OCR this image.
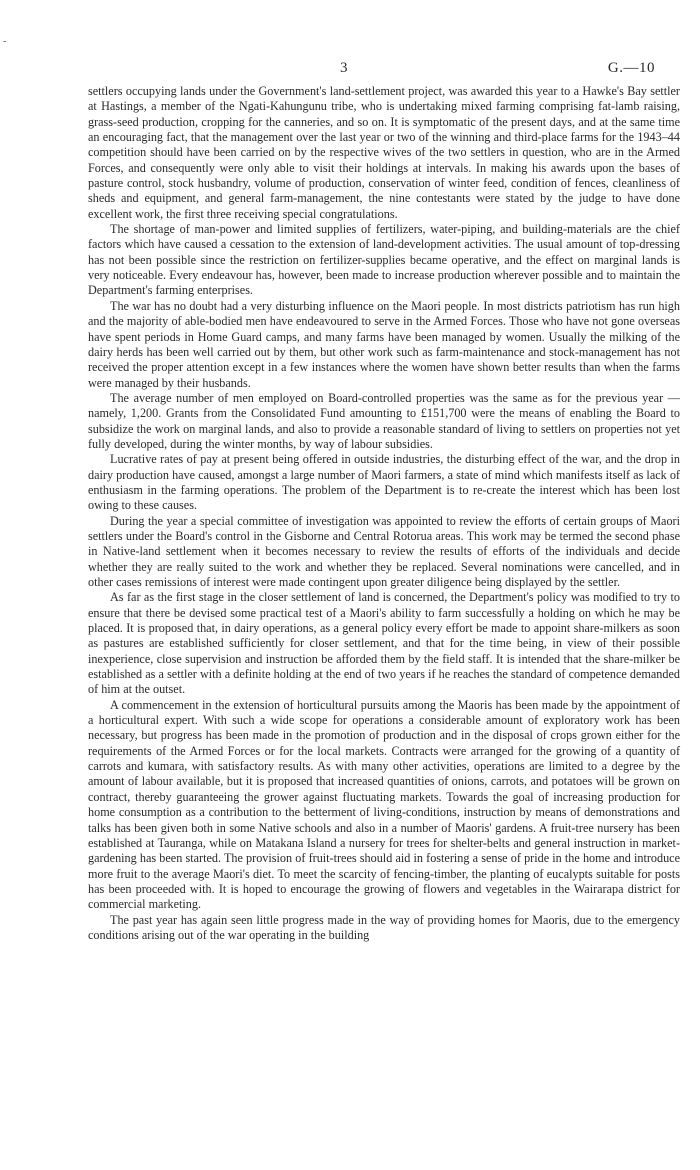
-
3	G.—10

settlers occupying lands under the Government's land-settlement project, was awarded this year to a Hawke's Bay settler at Hastings, a member of the Ngati-Kahungunu tribe, who is undertaking mixed farming comprising fat-lamb raising, grass-seed production, cropping for the canneries, and so on. It is symptomatic of the present days, and at the same time an encouraging fact, that the management over the last year or two of the winning and third-place farms for the 1943–44 competition should have been carried on by the respective wives of the two settlers in question, who are in the Armed Forces, and consequently were only able to visit their holdings at intervals. In making his awards upon the bases of pasture control, stock husbandry, volume of production, conservation of winter feed, condition of fences, cleanliness of sheds and equipment, and general farm-management, the nine contestants were stated by the judge to have done excellent work, the first three receiving special congratulations.

The shortage of man-power and limited supplies of fertilizers, water-piping, and building-materials are the chief factors which have caused a cessation to the extension of land-development activities. The usual amount of top-dressing has not been possible since the restriction on fertilizer-supplies became operative, and the effect on marginal lands is very noticeable. Every endeavour has, however, been made to increase production wherever possible and to maintain the Department's farming enterprises.

The war has no doubt had a very disturbing influence on the Maori people. In most districts patriotism has run high and the majority of able-bodied men have endeavoured to serve in the Armed Forces. Those who have not gone overseas have spent periods in Home Guard camps, and many farms have been managed by women. Usually the milking of the dairy herds has been well carried out by them, but other work such as farm-maintenance and stock-management has not received the proper attention except in a few instances where the women have shown better results than when the farms were managed by their husbands.

The average number of men employed on Board-controlled properties was the same as for the previous year — namely, 1,200. Grants from the Consolidated Fund amounting to £151,700 were the means of enabling the Board to subsidize the work on marginal lands, and also to provide a reasonable standard of living to settlers on properties not yet fully developed, during the winter months, by way of labour subsidies.

Lucrative rates of pay at present being offered in outside industries, the disturbing effect of the war, and the drop in dairy production have caused, amongst a large number of Maori farmers, a state of mind which manifests itself as lack of enthusiasm in the farming operations. The problem of the Department is to re-create the interest which has been lost owing to these causes.

During the year a special committee of investigation was appointed to review the efforts of certain groups of Maori settlers under the Board's control in the Gisborne and Central Rotorua areas. This work may be termed the second phase in Native-land settlement when it becomes necessary to review the results of efforts of the individuals and decide whether they are really suited to the work and whether they be replaced. Several nominations were cancelled, and in other cases remissions of interest were made contingent upon greater diligence being displayed by the settler.

As far as the first stage in the closer settlement of land is concerned, the Department's policy was modified to try to ensure that there be devised some practical test of a Maori's ability to farm successfully a holding on which he may be placed. It is proposed that, in dairy operations, as a general policy every effort be made to appoint share-milkers as soon as pastures are established sufficiently for closer settlement, and that for the time being, in view of their possible inexperience, close supervision and instruction be afforded them by the field staff. It is intended that the share-milker be established as a settler with a definite holding at the end of two years if he reaches the standard of competence demanded of him at the outset.

A commencement in the extension of horticultural pursuits among the Maoris has been made by the appointment of a horticultural expert. With such a wide scope for operations a considerable amount of exploratory work has been necessary, but progress has been made in the promotion of production and in the disposal of crops grown either for the requirements of the Armed Forces or for the local markets. Contracts were arranged for the growing of a quantity of carrots and kumara, with satisfactory results. As with many other activities, operations are limited to a degree by the amount of labour available, but it is proposed that increased quantities of onions, carrots, and potatoes will be grown on contract, thereby guaranteeing the grower against fluctuating markets. Towards the goal of increasing production for home consumption as a contribution to the betterment of living-conditions, instruction by means of demonstrations and talks has been given both in some Native schools and also in a number of Maoris' gardens. A fruit-tree nursery has been established at Tauranga, while on Matakana Island a nursery for trees for shelter-belts and general instruction in market-gardening has been started. The provision of fruit-trees should aid in fostering a sense of pride in the home and introduce more fruit to the average Maori's diet. To meet the scarcity of fencing-timber, the planting of eucalypts suitable for posts has been proceeded with. It is hoped to encourage the growing of flowers and vegetables in the Wairarapa district for commercial marketing.

The past year has again seen little progress made in the way of providing homes for Maoris, due to the emergency conditions arising out of the war operating in the building
